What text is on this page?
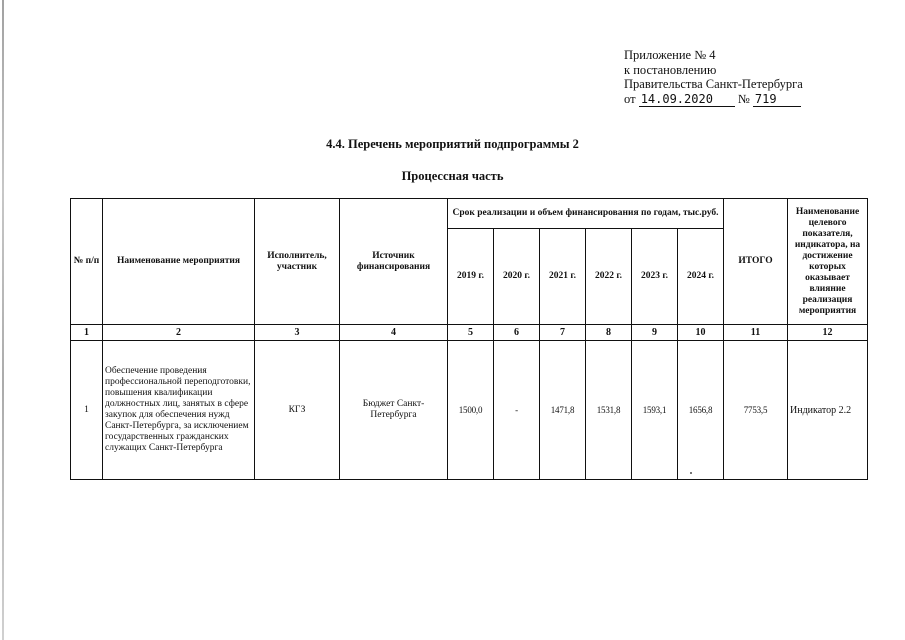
Приложение № 4
к постановлению
Правительства Санкт-Петербурга
от 14.09.2020 № 719
4.4. Перечень мероприятий подпрограммы 2
Процессная часть
№ п/п	Наименование мероприятия	Исполнитель, участник	Источник финансирования	Срок реализации и объем финансирования по годам, тыс.руб.						ИТОГО	Наименование целевого показателя, индикатора, на достижение которых оказывает влияние реализация мероприятия
				2019 г.	2020 г.	2021 г.	2022 г.	2023 г.	2024 г.		
1	2	3	4	5	6	7	8	9	10	11	12
1	Обеспечение проведения профессиональной переподготовки, повышения квалификации должностных лиц, занятых в сфере закупок для обеспечения нужд Санкт-Петербурга, за исключением государственных гражданских служащих Санкт-Петербурга	КГЗ	Бюджет Санкт-Петербурга	1500,0	-	1471,8	1531,8	1593,1	1656,8	7753,5	Индикатор 2.2
